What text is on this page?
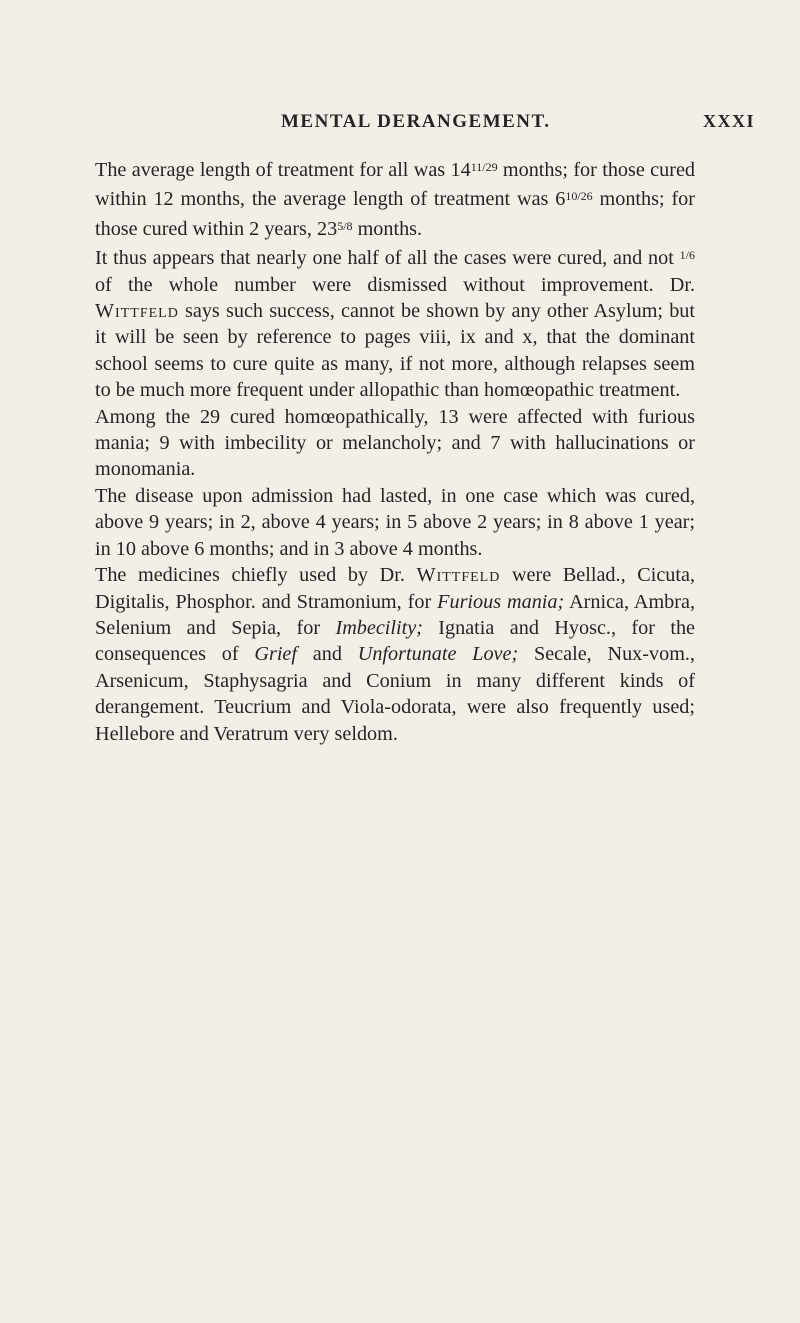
MENTAL DERANGEMENT.	XXXI

The average length of treatment for all was $14^{11/29}$ months; for those cured within 12 months, the average length of treatment was $6^{10/26}$ months; for those cured within 2 years, $23^{5/8}$ months.

It thus appears that nearly one half of all the cases were cured, and not $^{1/6}$ of the whole number were dismissed without improvement. Dr. Wittfeld says such success, cannot be shown by any other Asylum; but it will be seen by reference to pages viii, ix and x, that the dominant school seems to cure quite as many, if not more, although relapses seem to be much more frequent under allopathic than homœopathic treatment.

Among the 29 cured homœopathically, 13 were affected with furious mania; 9 with imbecility or melancholy; and 7 with hallucinations or monomania.

The disease upon admission had lasted, in one case which was cured, above 9 years; in 2, above 4 years; in 5 above 2 years; in 8 above 1 year; in 10 above 6 months; and in 3 above 4 months.

The medicines chiefly used by Dr. Wittfeld were Bellad., Cicuta, Digitalis, Phosphor. and Stramonium, for Furious mania; Arnica, Ambra, Selenium and Sepia, for Imbecility; Ignatia and Hyosc., for the consequences of Grief and Unfortunate Love; Secale, Nux-vom., Arsenicum, Staphysagria and Conium in many different kinds of derangement. Teucrium and Viola-odorata, were also frequently used; Hellebore and Veratrum very seldom.
